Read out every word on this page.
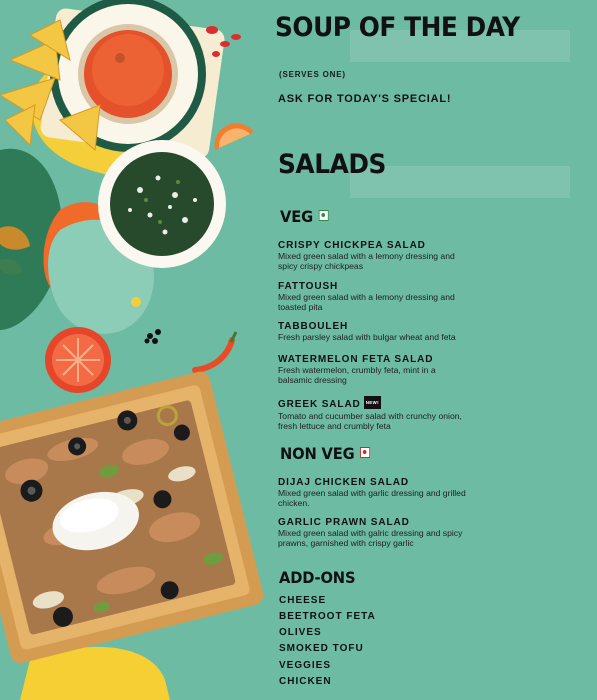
SOUP OF THE DAY
(SERVES ONE)
ASK FOR TODAY'S SPECIAL!
SALADS
VEG
CRISPY CHICKPEA SALAD
Mixed green salad with a lemony dressing and
spicy crispy chickpeas
FATTOUSH
Mixed green salad with a lemony dressing and
toasted pita
TABBOULEH
Fresh parsley salad with bulgar wheat and feta
WATERMELON FETA SALAD
Fresh watermelon, crumbly feta, mint in a
balsamic dressing
GREEK SALAD NEW!
Tomato and cucumber salad with crunchy onion,
fresh lettuce and crumbly feta
NON VEG
DIJAJ CHICKEN SALAD
Mixed green salad with garlic dressing and grilled
chicken.
GARLIC PRAWN SALAD
Mixed green salad with galric dressing and spicy
prawns, garnished with crispy garlic
ADD-ONS
CHEESE
BEETROOT FETA
OLIVES
SMOKED TOFU
VEGGIES
CHICKEN
